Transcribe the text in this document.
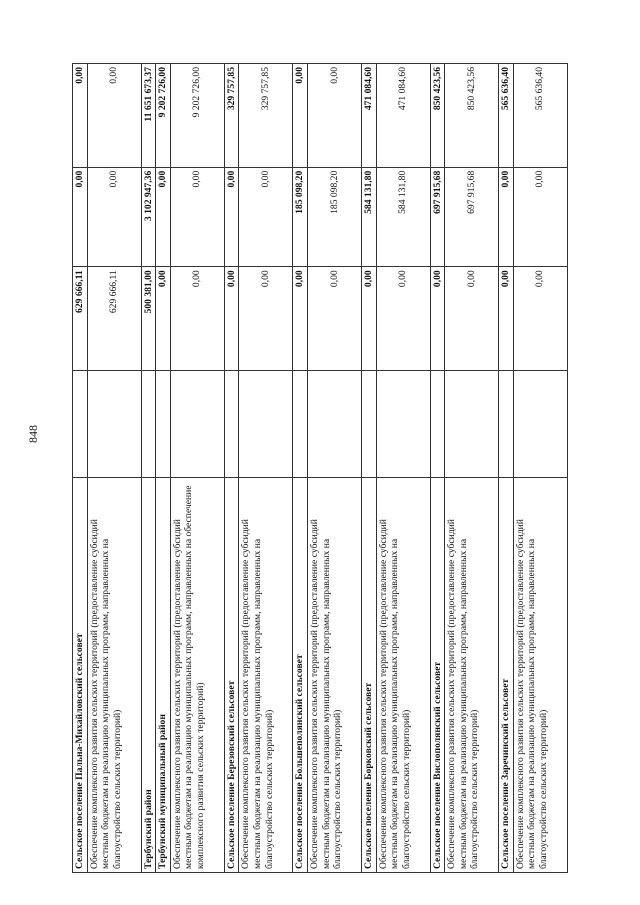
848
Сельское поселение Пальна-Михайловский сельсовет		629 666,11	0,00	0,00
Обеспечение комплексного развития сельских территорий (предоставление субсидий местным бюджетам на реализацию муниципальных программ, направленных на благоустройство сельских территорий)		629 666,11	0,00	0,00
Тербунский район		500 381,00	3 102 947,36	11 651 673,37
Тербунский муниципальный район		0,00	0,00	9 202 726,00
Обеспечение комплексного развития сельских территорий (предоставление субсидий местным бюджетам на реализацию муниципальных программ, направленных на обеспечение комплексного развития сельских территорий)		0,00	0,00	9 202 726,00
Сельское поселение Березовский сельсовет		0,00	0,00	329 757,85
Обеспечение комплексного развития сельских территорий (предоставление субсидий местным бюджетам на реализацию муниципальных программ, направленных на благоустройство сельских территорий)		0,00	0,00	329 757,85
Сельское поселение Большеполянский сельсовет		0,00	185 098,20	0,00
Обеспечение комплексного развития сельских территорий (предоставление субсидий местным бюджетам на реализацию муниципальных программ, направленных на благоустройство сельских территорий)		0,00	185 098,20	0,00
Сельское поселение Борковский сельсовет		0,00	584 131,80	471 084,60
Обеспечение комплексного развития сельских территорий (предоставление субсидий местным бюджетам на реализацию муниципальных программ, направленных на благоустройство сельских территорий)		0,00	584 131,80	471 084,60
Сельское поселение Вислополянский сельсовет		0,00	697 915,68	850 423,56
Обеспечение комплексного развития сельских территорий (предоставление субсидий местным бюджетам на реализацию муниципальных программ, направленных на благоустройство сельских территорий)		0,00	697 915,68	850 423,56
Сельское поселение Заречинский сельсовет		0,00	0,00	565 636,40
Обеспечение комплексного развития сельских территорий (предоставление субсидий местным бюджетам на реализацию муниципальных программ, направленных на благоустройство сельских территорий)		0,00	0,00	565 636,40
